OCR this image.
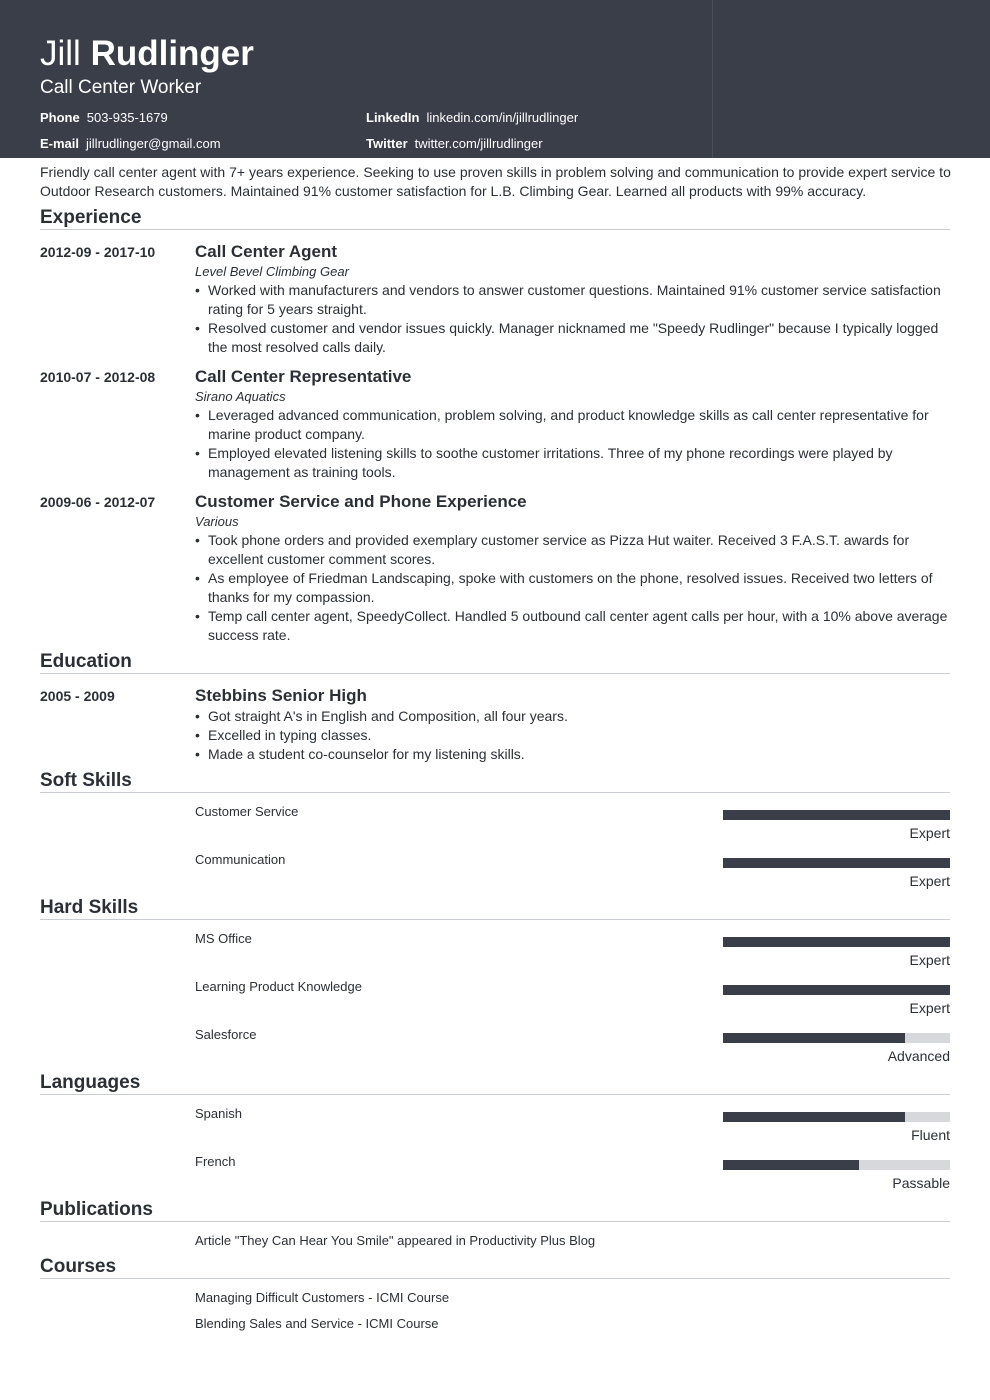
Jill Rudlinger
Call Center Worker
Phone 503-935-1679
E-mail jillrudlinger@gmail.com
LinkedIn linkedin.com/in/jillrudlinger
Twitter twitter.com/jillrudlinger
Friendly call center agent with 7+ years experience. Seeking to use proven skills in problem solving and communication to provide expert service to Outdoor Research customers. Maintained 91% customer satisfaction for L.B. Climbing Gear. Learned all products with 99% accuracy.
Experience
2012-09 - 2017-10 Call Center Agent
Level Bevel Climbing Gear
• Worked with manufacturers and vendors to answer customer questions. Maintained 91% customer service satisfaction rating for 5 years straight.
• Resolved customer and vendor issues quickly. Manager nicknamed me "Speedy Rudlinger" because I typically logged the most resolved calls daily.
2010-07 - 2012-08 Call Center Representative
Sirano Aquatics
• Leveraged advanced communication, problem solving, and product knowledge skills as call center representative for marine product company.
• Employed elevated listening skills to soothe customer irritations. Three of my phone recordings were played by management as training tools.
2009-06 - 2012-07 Customer Service and Phone Experience
Various
• Took phone orders and provided exemplary customer service as Pizza Hut waiter. Received 3 F.A.S.T. awards for excellent customer comment scores.
• As employee of Friedman Landscaping, spoke with customers on the phone, resolved issues. Received two letters of thanks for my compassion.
• Temp call center agent, SpeedyCollect. Handled 5 outbound call center agent calls per hour, with a 10% above average success rate.
Education
2005 - 2009	Stebbins Senior High
• Got straight A's in English and Composition, all four years.
• Excelled in typing classes.
• Made a student co-counselor for my listening skills.
Soft Skills
Customer Service
Expert
Communication
Expert
Hard Skills
MS Office
Expert
Learning Product Knowledge
Expert
Salesforce
Advanced
Languages
Spanish
Fluent
French
Passable
Publications
Article "They Can Hear You Smile" appeared in Productivity Plus Blog
Courses
Managing Difficult Customers - ICMI Course
Blending Sales and Service - ICMI Course
